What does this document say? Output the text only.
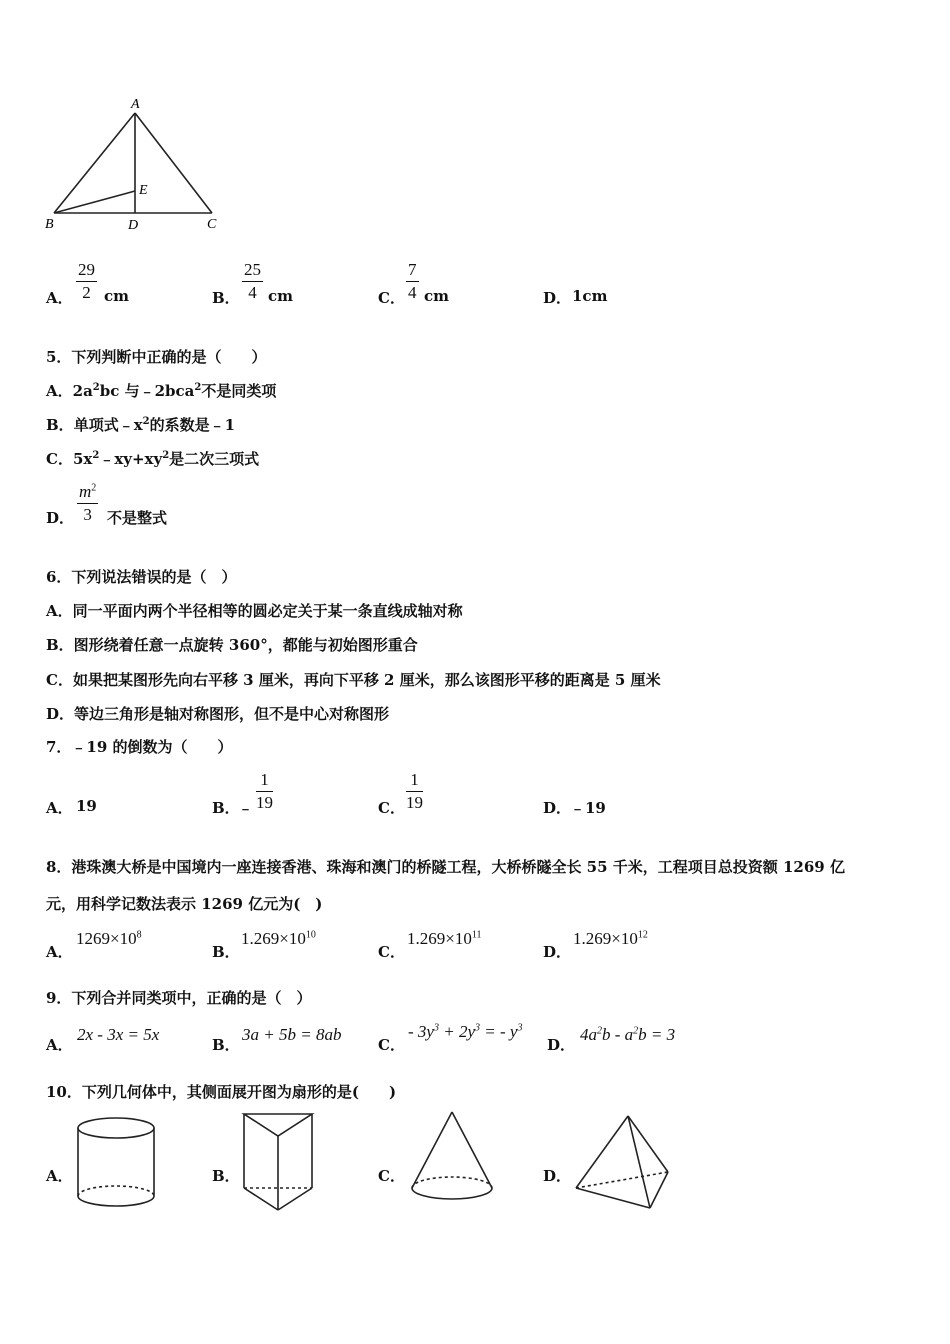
A
B	C
D
E
A． $\frac{29}{2}$ cm	B． $\frac{25}{4}$ cm	C． $\frac{7}{4}$ cm	D． 1cm
5．下列判断中正确的是（　　）
A．$2a^2bc$ 与﹣2bca$^2$不是同类项
B．单项式$﹣x^2$的系数是﹣1
C．$5x^2﹣xy+xy^2$是二次三项式
D． $\frac{m^2}{3}$ 不是整式
6．下列说法错误的是（　）
A．同一平面内两个半径相等的圆必定关于某一条直线成轴对称
B．图形绕着任意一点旋转 360°，都能与初始图形重合
C．如果把某图形先向右平移 3 厘米，再向下平移 2 厘米，那么该图形平移的距离是 5 厘米
D．等边三角形是轴对称图形，但不是中心对称图形
7．﹣19 的倒数为（　　）
A． 19	B．
﹣ $\frac{1}{19}$	C． $\frac{1}{19}$	D．
﹣19
8．港珠澳大桥是中国境内一座连接香港、珠海和澳门的桥隧工程，大桥桥隧全长 55 千米，工程项目总投资额 1269 亿
元，用科学记数法表示 1269 亿元为(　)
A．
$1269\times 10^8$
B．
$1.269\times 10^{10}$
C．
$1.269\times 10^{11}$
D．
$1.269\times 10^{12}$
9．下列合并同类项中，正确的是（　）
A．
2x - 3x = 5x
B．
3a + 5b = 8ab
C．
- $3y^3 + 2y^3$ = - $y^3$
D．
$4a^2b - a^2b = 3$
10．下列几何体中，其侧面展开图为扇形的是(　　)
A．	B．	C．	D．
